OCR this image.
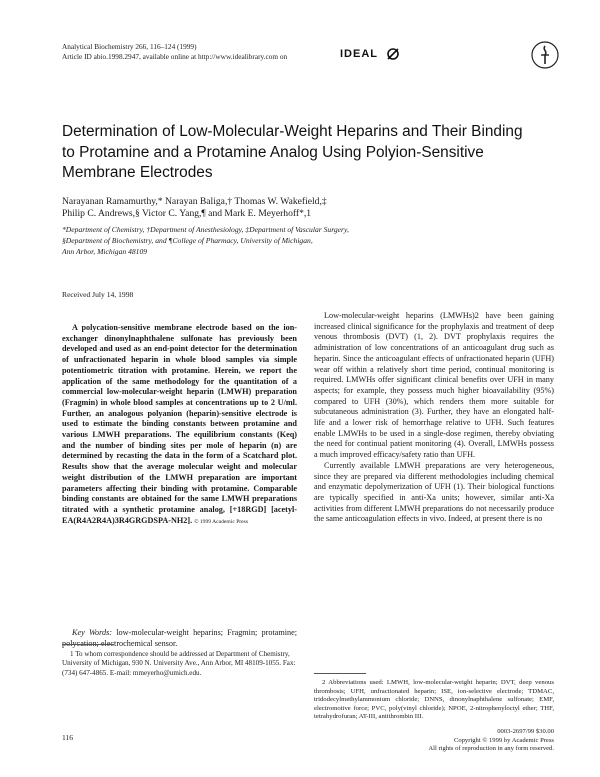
Analytical Biochemistry 266, 116–124 (1999)
Article ID abio.1998.2947, available online at http://www.idealibrary.com on	IDEAL
Determination of Low-Molecular-Weight Heparins and Their Binding to Protamine and a Protamine Analog Using Polyion-Sensitive Membrane Electrodes
Narayanan Ramamurthy,* Narayan Baliga,† Thomas W. Wakefield,‡
Philip C. Andrews,§ Victor C. Yang,¶ and Mark E. Meyerhoff*,1
*Department of Chemistry, †Department of Anesthesiology, ‡Department of Vascular Surgery,
§Department of Biochemistry, and ¶College of Pharmacy, University of Michigan,
Ann Arbor, Michigan 48109
Received July 14, 1998

A polycation-sensitive membrane electrode based on the ion-exchanger dinonylnaphthalene sulfonate has previously been developed and used as an end-point detector for the determination of unfractionated heparin in whole blood samples via simple potentiometric titration with protamine. Herein, we report the application of the same methodology for the quantitation of a commercial low-molecular-weight heparin (LMWH) preparation (Fragmin) in whole blood samples at concentrations up to 2 U/ml. Further, an analogous polyanion (heparin)-sensitive electrode is used to estimate the binding constants between protamine and various LMWH preparations. The equilibrium constants (Keq) and the number of binding sites per mole of heparin (n) are determined by recasting the data in the form of a Scatchard plot. Results show that the average molecular weight and molecular weight distribution of the LMWH preparation are important parameters affecting their binding with protamine. Comparable binding constants are obtained for the same LMWH preparations titrated with a synthetic protamine analog, [+18RGD] [acetyl-EA(R4A2R4A)3R4GRGDSPA-NH2]. © 1999 Academic Press

Key Words: low-molecular-weight heparins; Fragmin; protamine; polycation; electrochemical sensor.

1 To whom correspondence should be addressed at Department of Chemistry, University of Michigan, 930 N. University Ave., Ann Arbor, MI 48109-1055. Fax: (734) 647-4865. E-mail: mmeyerho@umich.edu.

Low-molecular-weight heparins (LMWHs)2 have been gaining increased clinical significance for the prophylaxis and treatment of deep venous thrombosis (DVT) (1, 2). DVT prophylaxis requires the administration of low concentrations of an anticoagulant drug such as heparin. Since the anticoagulant effects of unfractionated heparin (UFH) wear off within a relatively short time period, continual monitoring is required. LMWHs offer significant clinical benefits over UFH in many aspects; for example, they possess much higher bioavailability (95%) compared to UFH (30%), which renders them more suitable for subcutaneous administration (3). Further, they have an elongated half-life and a lower risk of hemorrhage relative to UFH. Such features enable LMWHs to be used in a single-dose regimen, thereby obviating the need for continual patient monitoring (4). Overall, LMWHs possess a much improved efficacy/safety ratio than UFH.

Currently available LMWH preparations are very heterogeneous, since they are prepared via different methodologies including chemical and enzymatic depolymerization of UFH (1). Their biological functions are typically specified in anti-Xa units; however, similar anti-Xa activities from different LMWH preparations do not necessarily produce the same anticoagulation effects in vivo. Indeed, at present there is no

2 Abbreviations used: LMWH, low-molecular-weight heparin; DVT, deep venous thrombosis; UFH, unfractionated heparin; ISE, ion-selective electrode; TDMAC, tridodecylmethylammonium chloride; DNNS, dinonylnaphthalene sulfonate; EMF, electromotive force; PVC, poly(vinyl chloride); NPOE, 2-nitrophenyloctyl ether; THF, tetrahydrofuran; AT-III, antithrombin III.

116
0003-2697/99 $30.00
Copyright © 1999 by Academic Press
All rights of reproduction in any form reserved.
